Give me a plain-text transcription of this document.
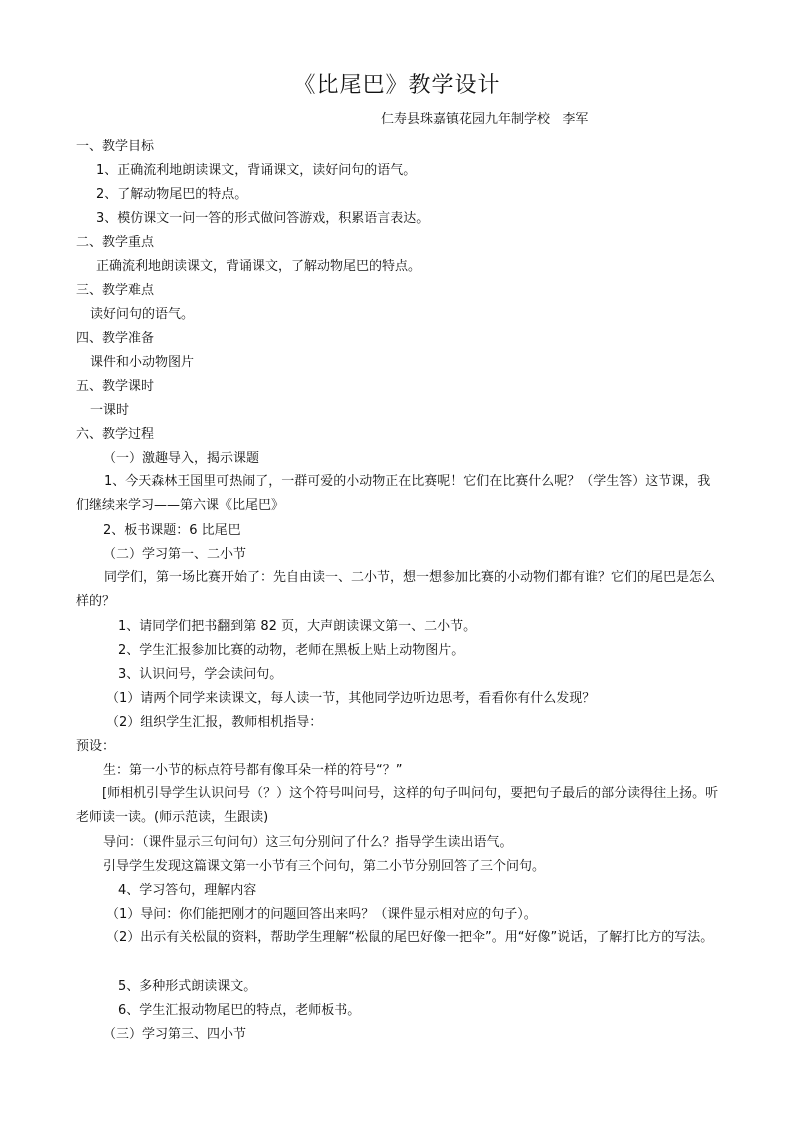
《比尾巴》教学设计
仁寿县珠嘉镇花园九年制学校   李军
一、教学目标
1、正确流利地朗读课文，背诵课文，读好问句的语气。
2、了解动物尾巴的特点。
3、模仿课文一问一答的形式做问答游戏，积累语言表达。
二、教学重点
正确流利地朗读课文，背诵课文，了解动物尾巴的特点。
三、教学难点
读好问句的语气。
四、教学准备
课件和小动物图片
五、教学课时
一课时
六、教学过程
（一）激趣导入，揭示课题
1、今天森林王国里可热闹了，一群可爱的小动物正在比赛呢！它们在比赛什么呢？（学生答）这节课，我们继续来学习——第六课《比尾巴》
2、板书课题：6 比尾巴
（二）学习第一、二小节
同学们，第一场比赛开始了：先自由读一、二小节，想一想参加比赛的小动物们都有谁？它们的尾巴是怎么样的？
1、请同学们把书翻到第 82 页，大声朗读课文第一、二小节。
2、学生汇报参加比赛的动物，老师在黑板上贴上动物图片。
3、认识问号，学会读问句。
（1）请两个同学来读课文，每人读一节，其他同学边听边思考，看看你有什么发现？
（2）组织学生汇报，教师相机指导：
预设：
生：第一小节的标点符号都有像耳朵一样的符号“？”
[师相机引导学生认识问号（？）这个符号叫问号，这样的句子叫问句，要把句子最后的部分读得往上扬。听老师读一读。(师示范读，生跟读)
导问：（课件显示三句问句）这三句分别问了什么？指导学生读出语气。
引导学生发现这篇课文第一小节有三个问句，第二小节分别回答了三个问句。
4、学习答句，理解内容
（1）导问：你们能把刚才的问题回答出来吗？（课件显示相对应的句子）。
（2）出示有关松鼠的资料，帮助学生理解“松鼠的尾巴好像一把伞”。用“好像”说话，了解打比方的写法。
5、多种形式朗读课文。
6、学生汇报动物尾巴的特点，老师板书。
（三）学习第三、四小节
